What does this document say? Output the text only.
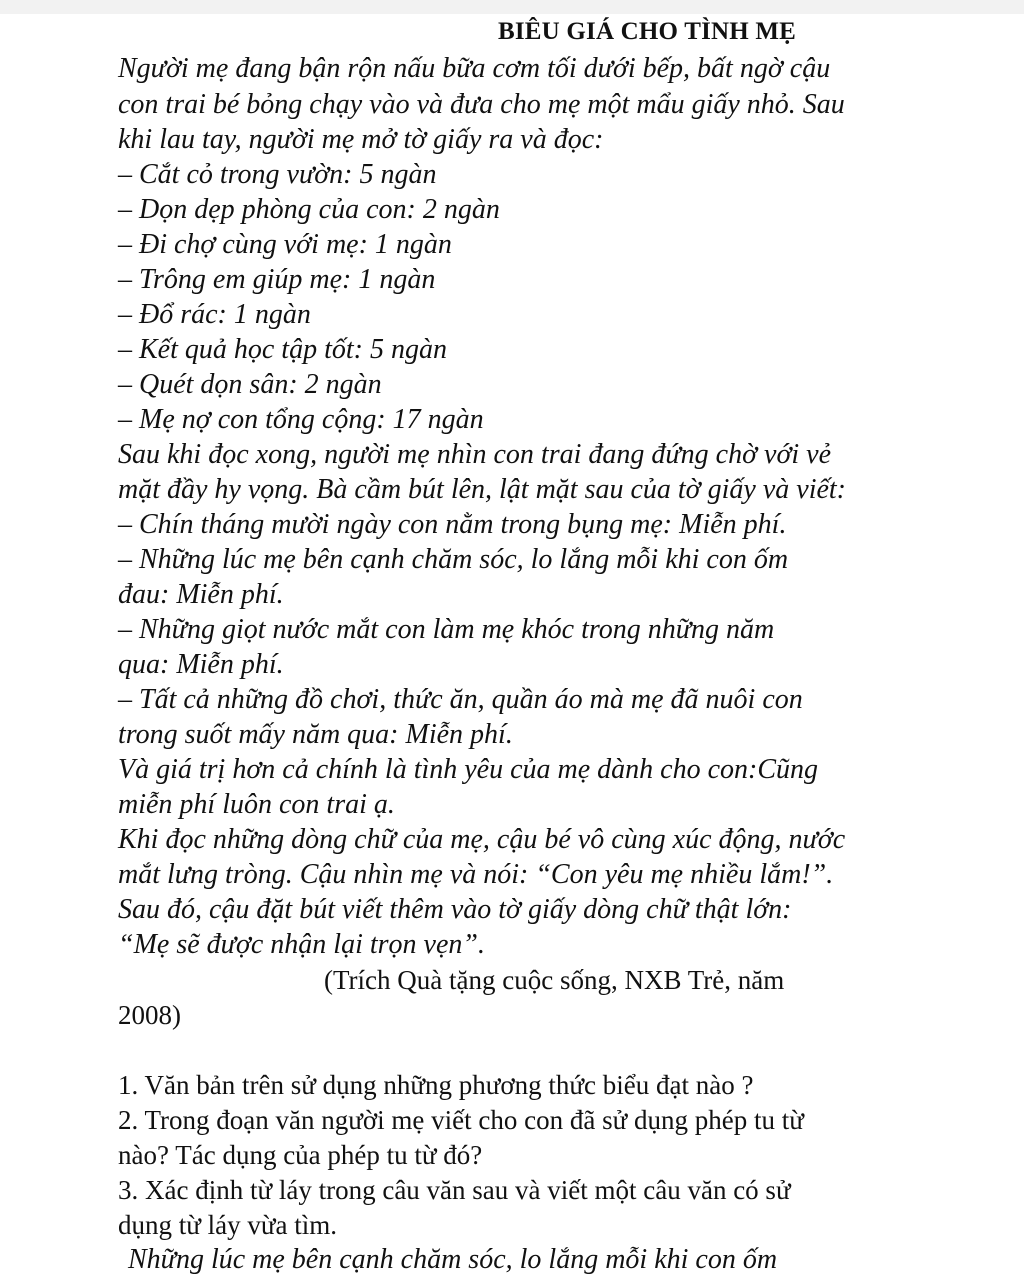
BIÊU GIÁ CHO TÌNH MẸ
Người mẹ đang bận rộn nấu bữa cơm tối dưới bếp, bất ngờ cậu
con trai bé bỏng chạy vào và đưa cho mẹ một mẩu giấy nhỏ. Sau
khi lau tay, người mẹ mở tờ giấy ra và đọc:
– Cắt cỏ trong vườn: 5 ngàn
– Dọn dẹp phòng của con: 2 ngàn
– Đi chợ cùng với mẹ: 1 ngàn
– Trông em giúp mẹ: 1 ngàn
– Đổ rác: 1 ngàn
– Kết quả học tập tốt: 5 ngàn
– Quét dọn sân: 2 ngàn
– Mẹ nợ con tổng cộng: 17 ngàn
Sau khi đọc xong, người mẹ nhìn con trai đang đứng chờ với vẻ
mặt đầy hy vọng. Bà cầm bút lên, lật mặt sau của tờ giấy và viết:
– Chín tháng mười ngày con nằm trong bụng mẹ: Miễn phí.
– Những lúc mẹ bên cạnh chăm sóc, lo lắng mỗi khi con ốm
đau: Miễn phí.
– Những giọt nước mắt con làm mẹ khóc trong những năm
qua: Miễn phí.
– Tất cả những đồ chơi, thức ăn, quần áo mà mẹ đã nuôi con
trong suốt mấy năm qua: Miễn phí.
Và giá trị hơn cả chính là tình yêu của mẹ dành cho con:Cũng
miễn phí luôn con trai ạ.
Khi đọc những dòng chữ của mẹ, cậu bé vô cùng xúc động, nước
mắt lưng tròng. Cậu nhìn mẹ và nói: “Con yêu mẹ nhiều lắm!”.
Sau đó, cậu đặt bút viết thêm vào tờ giấy dòng chữ thật lớn:
“Mẹ sẽ được nhận lại trọn vẹn”.
(Trích Quà tặng cuộc sống, NXB Trẻ, năm
2008)
1. Văn bản trên sử dụng những phương thức biểu đạt nào ?
2. Trong đoạn văn người mẹ viết cho con đã sử dụng phép tu từ
nào? Tác dụng của phép tu từ đó?
3. Xác định từ láy trong câu văn sau và viết một câu văn có sử
dụng từ láy vừa tìm.
Những lúc mẹ bên cạnh chăm sóc, lo lắng mỗi khi con ốm
